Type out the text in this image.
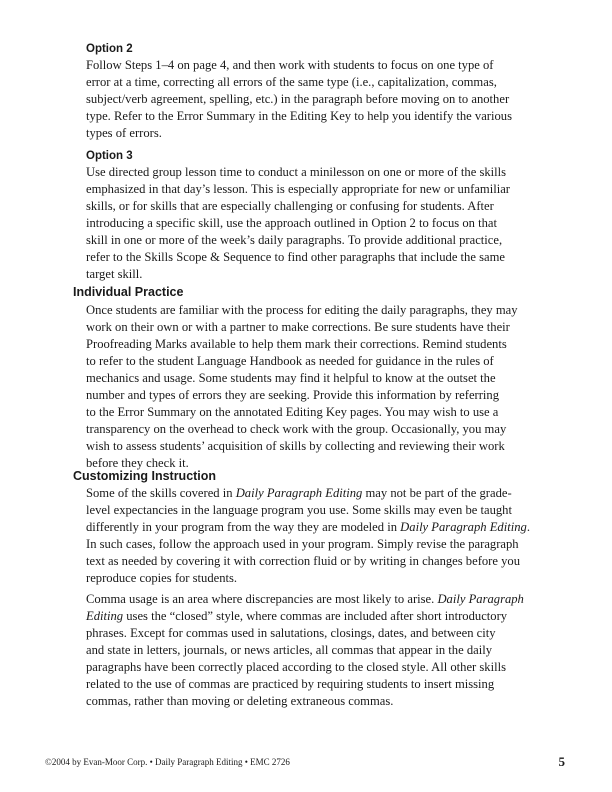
Option 2
Follow Steps 1–4 on page 4, and then work with students to focus on one type of
error at a time, correcting all errors of the same type (i.e., capitalization, commas,
subject/verb agreement, spelling, etc.) in the paragraph before moving on to another
type. Refer to the Error Summary in the Editing Key to help you identify the various
types of errors.
Option 3
Use directed group lesson time to conduct a minilesson on one or more of the skills
emphasized in that day’s lesson. This is especially appropriate for new or unfamiliar
skills, or for skills that are especially challenging or confusing for students. After
introducing a specific skill, use the approach outlined in Option 2 to focus on that
skill in one or more of the week’s daily paragraphs. To provide additional practice,
refer to the Skills Scope & Sequence to find other paragraphs that include the same
target skill.
Individual Practice
Once students are familiar with the process for editing the daily paragraphs, they may
work on their own or with a partner to make corrections. Be sure students have their
Proofreading Marks available to help them mark their corrections. Remind students
to refer to the student Language Handbook as needed for guidance in the rules of
mechanics and usage. Some students may find it helpful to know at the outset the
number and types of errors they are seeking. Provide this information by referring
to the Error Summary on the annotated Editing Key pages. You may wish to use a
transparency on the overhead to check work with the group. Occasionally, you may
wish to assess students’ acquisition of skills by collecting and reviewing their work
before they check it.
Customizing Instruction
Some of the skills covered in Daily Paragraph Editing may not be part of the grade-
level expectancies in the language program you use. Some skills may even be taught
differently in your program from the way they are modeled in Daily Paragraph Editing.
In such cases, follow the approach used in your program. Simply revise the paragraph
text as needed by covering it with correction fluid or by writing in changes before you
reproduce copies for students.
Comma usage is an area where discrepancies are most likely to arise. Daily Paragraph
Editing uses the “closed” style, where commas are included after short introductory
phrases. Except for commas used in salutations, closings, dates, and between city
and state in letters, journals, or news articles, all commas that appear in the daily
paragraphs have been correctly placed according to the closed style. All other skills
related to the use of commas are practiced by requiring students to insert missing
commas, rather than moving or deleting extraneous commas.
©2004 by Evan-Moor Corp. • Daily Paragraph Editing • EMC 2726	5
